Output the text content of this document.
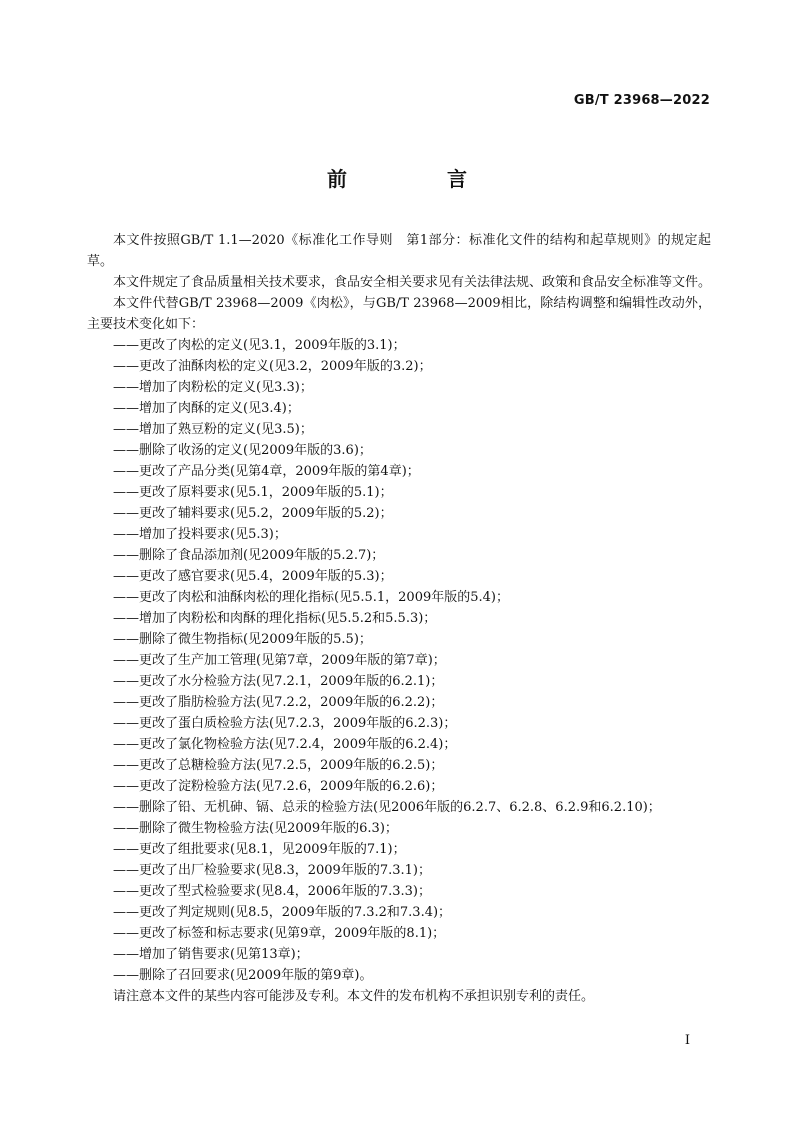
GB/T 23968—2022
前　言

本文件按照GB/T 1.1—2020《标准化工作导则　第1部分：标准化文件的结构和起草规则》的规定起草。

本文件规定了食品质量相关技术要求，食品安全相关要求见有关法律法规、政策和食品安全标准等文件。

本文件代替GB/T 23968—2009《肉松》，与GB/T 23968—2009相比，除结构调整和编辑性改动外，主要技术变化如下：

——更改了肉松的定义(见3.1，2009年版的3.1)；
——更改了油酥肉松的定义(见3.2，2009年版的3.2)；
——增加了肉粉松的定义(见3.3)；
——增加了肉酥的定义(见3.4)；
——增加了熟豆粉的定义(见3.5)；
——删除了收汤的定义(见2009年版的3.6)；
——更改了产品分类(见第4章，2009年版的第4章)；
——更改了原料要求(见5.1，2009年版的5.1)；
——更改了辅料要求(见5.2，2009年版的5.2)；
——增加了投料要求(见5.3)；
——删除了食品添加剂(见2009年版的5.2.7)；
——更改了感官要求(见5.4，2009年版的5.3)；
——更改了肉松和油酥肉松的理化指标(见5.5.1，2009年版的5.4)；
——增加了肉粉松和肉酥的理化指标(见5.5.2和5.5.3)；
——删除了微生物指标(见2009年版的5.5)；
——更改了生产加工管理(见第7章，2009年版的第7章)；
——更改了水分检验方法(见7.2.1，2009年版的6.2.1)；
——更改了脂肪检验方法(见7.2.2，2009年版的6.2.2)；
——更改了蛋白质检验方法(见7.2.3，2009年版的6.2.3)；
——更改了氯化物检验方法(见7.2.4，2009年版的6.2.4)；
——更改了总糖检验方法(见7.2.5，2009年版的6.2.5)；
——更改了淀粉检验方法(见7.2.6，2009年版的6.2.6)；
——删除了铅、无机砷、镉、总汞的检验方法(见2006年版的6.2.7、6.2.8、6.2.9和6.2.10)；
——删除了微生物检验方法(见2009年版的6.3)；
——更改了组批要求(见8.1，见2009年版的7.1)；
——更改了出厂检验要求(见8.3，2009年版的7.3.1)；
——更改了型式检验要求(见8.4，2006年版的7.3.3)；
——更改了判定规则(见8.5，2009年版的7.3.2和7.3.4)；
——更改了标签和标志要求(见第9章，2009年版的8.1)；
——增加了销售要求(见第13章)；
——删除了召回要求(见2009年版的第9章)。

请注意本文件的某些内容可能涉及专利。本文件的发布机构不承担识别专利的责任。

I
